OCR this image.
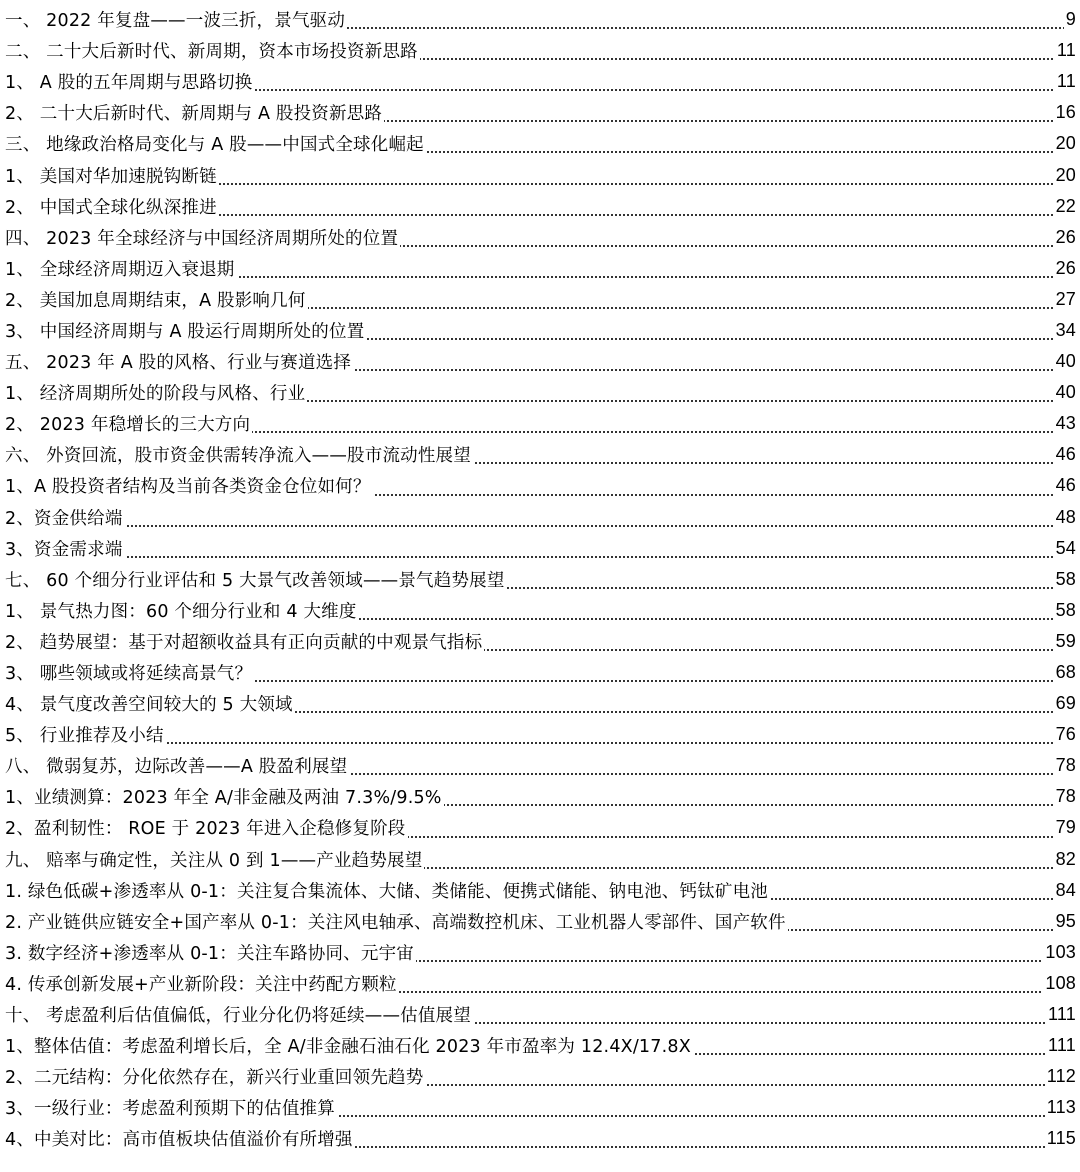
一、 2022 年复盘——一波三折，景气驱动	9
二、 二十大后新时代、新周期，资本市场投资新思路	11
1、 A 股的五年周期与思路切换	11
2、 二十大后新时代、新周期与 A 股投资新思路	16
三、 地缘政治格局变化与 A 股——中国式全球化崛起	20
1、 美国对华加速脱钩断链	20
2、 中国式全球化纵深推进	22
四、 2023 年全球经济与中国经济周期所处的位置	26
1、 全球经济周期迈入衰退期	26
2、 美国加息周期结束，A 股影响几何	27
3、 中国经济周期与 A 股运行周期所处的位置	34
五、 2023 年 A 股的风格、行业与赛道选择	40
1、 经济周期所处的阶段与风格、行业	40
2、 2023 年稳增长的三大方向	43
六、 外资回流，股市资金供需转净流入——股市流动性展望	46
1、A 股投资者结构及当前各类资金仓位如何？	46
2、资金供给端	48
3、资金需求端	54
七、 60 个细分行业评估和 5 大景气改善领域——景气趋势展望	58
1、 景气热力图：60 个细分行业和 4 大维度	58
2、 趋势展望：基于对超额收益具有正向贡献的中观景气指标	59
3、 哪些领域或将延续高景气？	68
4、 景气度改善空间较大的 5 大领域	69
5、 行业推荐及小结	76
八、 微弱复苏，边际改善——A 股盈利展望	78
1、业绩测算：2023 年全 A/非金融及两油 7.3%/9.5%	78
2、盈利韧性： ROE 于 2023 年进入企稳修复阶段	79
九、 赔率与确定性，关注从 0 到 1——产业趋势展望	82
1. 绿色低碳+渗透率从 0-1：关注复合集流体、大储、类储能、便携式储能、钠电池、钙钛矿电池	84
2. 产业链供应链安全+国产率从 0-1：关注风电轴承、高端数控机床、工业机器人零部件、国产软件	95
3. 数字经济+渗透率从 0-1：关注车路协同、元宇宙	103
4. 传承创新发展+产业新阶段：关注中药配方颗粒	108
十、 考虑盈利后估值偏低，行业分化仍将延续——估值展望	111
1、整体估值：考虑盈利增长后，全 A/非金融石油石化 2023 年市盈率为 12.4X/17.8X	111
2、二元结构：分化依然存在，新兴行业重回领先趋势	112
3、一级行业：考虑盈利预期下的估值推算	113
4、中美对比：高市值板块估值溢价有所增强	115
